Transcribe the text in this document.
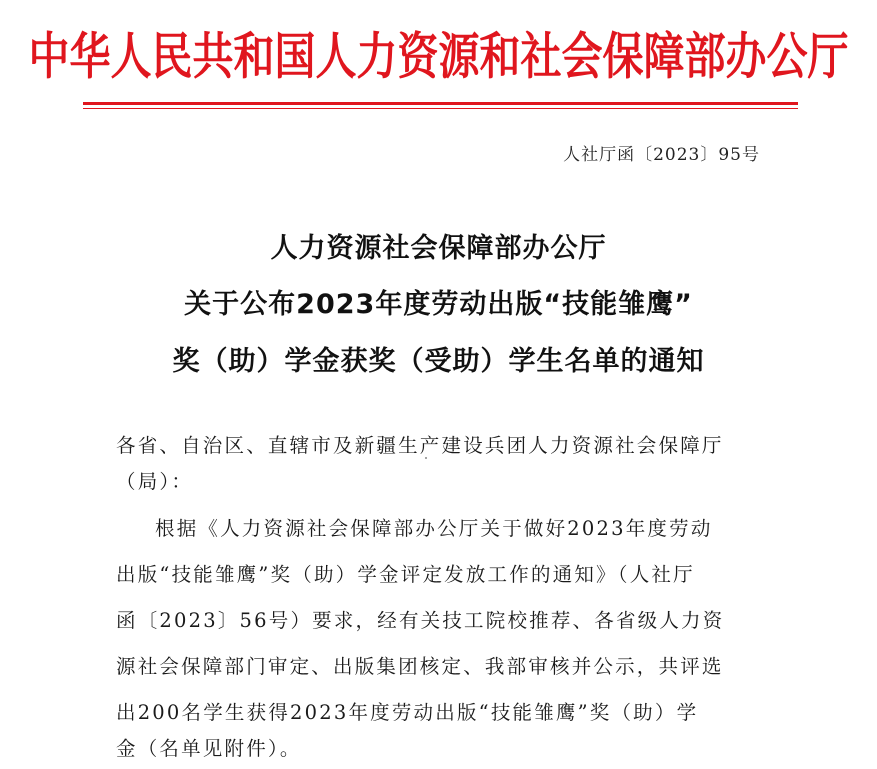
中华人民共和国人力资源和社会保障部办公厅
人社厅函〔2023〕95号
人力资源社会保障部办公厅
关于公布2023年度劳动出版“技能雏鹰”
奖（助）学金获奖（受助）学生名单的通知
各省、自治区、直辖市及新疆生产建设兵团人力资源社会保障厅
（局）：
根据《人力资源社会保障部办公厅关于做好2023年度劳动
出版“技能雏鹰”奖（助）学金评定发放工作的通知》（人社厅
函〔2023〕56号）要求，经有关技工院校推荐、各省级人力资
源社会保障部门审定、出版集团核定、我部审核并公示，共评选
出200名学生获得2023年度劳动出版“技能雏鹰”奖（助）学
金（名单见附件）。
